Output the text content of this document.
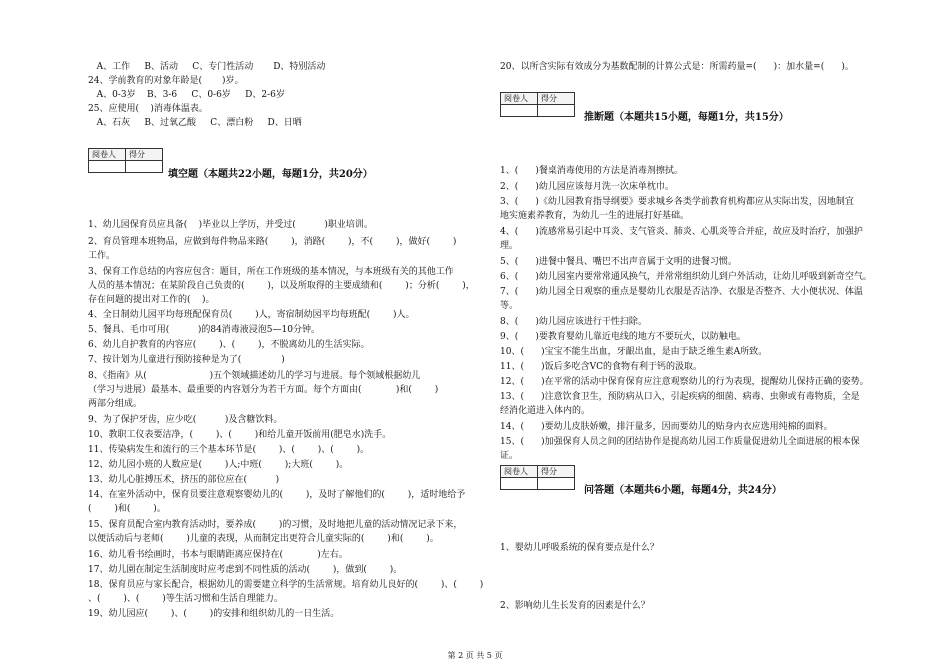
阅卷人	得分

填空题（本题共22小题，每题1分，共20分）
20、以所含实际有效成分为基数配制的计算公式是：所需药量=(      )：加水量=(      )。
阅卷人	得分

推断题（本题共15小题，每题1分，共15分）
阅卷人	得分

问答题（本题共6小题，每题4分，共24分）
第 2 页 共 5 页
A、工作     B、活动     C、专门性活动       D、特别活动
24、学前教育的对象年龄是(       )岁。
A、0-3岁    B、3-6     C、0-6岁     D、2-6岁
25、应使用(    )消毒体温表。
A、石灰     B、过氧乙酸     C、漂白粉     D、日晒
1、幼儿园保育员应具备(    )毕业以上学历，并受过(          )职业培训。
2、育员管理本班物品，应做到每件物品来路(        )，消路(        )，不(        )，做好(        )
工作。
3、保育工作总结的内容应包含：题目，所在工作班级的基本情况，与本班级有关的其他工作
人员的基本情况；在某阶段自己负责的(        )，以及所取得的主要成绩和(        )；分析(        )，
存在问题的提出对工作的(    )。
4、全日制幼儿园平均每班配保育员(        )人，寄宿制幼园平均每班配(        )人。
5、餐具、毛巾可用(          )的84消毒液浸泡5—10分钟。
6、幼儿自护教育的内容应(        )、(        )，不脱离幼儿的生活实际。
7、按计划为儿童进行预防接种是为了(              )
8、《指南》从(                      )五个领域描述幼儿的学习与进展。每个领域根据幼儿
（学习与进展）最基本、最重要的内容划分为若干方面。每个方面由(            )和(        )
两部分组成。
9、为了保护牙齿，应少吃(          )及含糖饮料。
10、教职工仪表要洁净，(        )、(        )和给儿童开饭前用(肥皂水)洗手。
11、传染病发生和流行的三个基本环节是(        )、(        )、(        )。
12、幼儿园小班的人数应是(        )人;中班(        );大班(        )。
13、幼儿心脏搏压术，挤压的部位应在(          )
14、在室外活动中，保育员要注意观察婴幼儿的(        )，及时了解他们的(        )，适时地给予
(        )和(        )。
15、保育员配合室内教育活动时，要养成(        )的习惯，及时地把儿童的活动情况记录下来，
以便活动后与老师(        )儿童的表现，从而制定出更符合儿童实际的(        )和(        )。
16、幼儿看书绘画时，书本与眼睛距离应保持在(            )左右。
17、幼儿園在制定生活制度时应考虑到不同性质的活动(        )，做到(        )。
18、保育员应与家长配合，根据幼儿的需要建立科学的生活常规。培育幼儿良好的(        )、(        )
、(        )、(        )等生活习惯和生活自理能力。
19、幼儿园应(        )、(        )的安排和组织幼儿的一日生活。
1、(      )餐桌消毒使用的方法是消毒剂擦拭。
2、(      )幼儿园应该每月洗一次床单枕巾。
3、(      )《幼儿园教育指导纲要》要求城乡各类学前教育机构都应从实际出发，因地制宜
地实施素养教育，为幼儿一生的进展打好基础。
4、(      )流感常易引起中耳炎、支气管炎、肺炎、心肌炎等合并症，故应及时治疗，加强护
理。
5、(      )进餐中餐具、嘴巴不出声音属于文明的进餐习惯。
6、(      )幼儿园室内要常常通风换气，并常常组织幼儿到户外活动，让幼儿呼吸到新奇空气。
7、(      )幼儿园全日观察的重点是婴幼儿衣服是否洁净、衣服是否整齐、大小便状况、体温
等。
8、(      )幼儿园应该进行干性扫除。
9、(      )要教育婴幼儿靠近电线的地方不要玩火，以防触电。
10、(      )宝宝不能生出血，牙龈出血，是由于缺乏维生素A所致。
11、(      )饭后多吃含VC的食物有利于钙的汲取。
12、(      )在平常的活动中保育保育应注意观察幼儿的行为表现，提醒幼儿保持正确的姿势。
13、(      )注意饮食卫生，预防病从口入，引起疾病的细菌、病毒、虫卵或有毒物质，全是
经消化道进入体内的。
14、(      )要幼儿皮肤娇嫩，排汗量多，因而要幼儿的贴身内衣应选用纯棉的面料。
15、(      )加强保育人员之间的团结协作是提高幼儿园工作质量促进幼儿全面进展的根本保
证。
1、婴幼儿呼吸系统的保育要点是什么？
2、影响幼儿生长发育的因素是什么？
